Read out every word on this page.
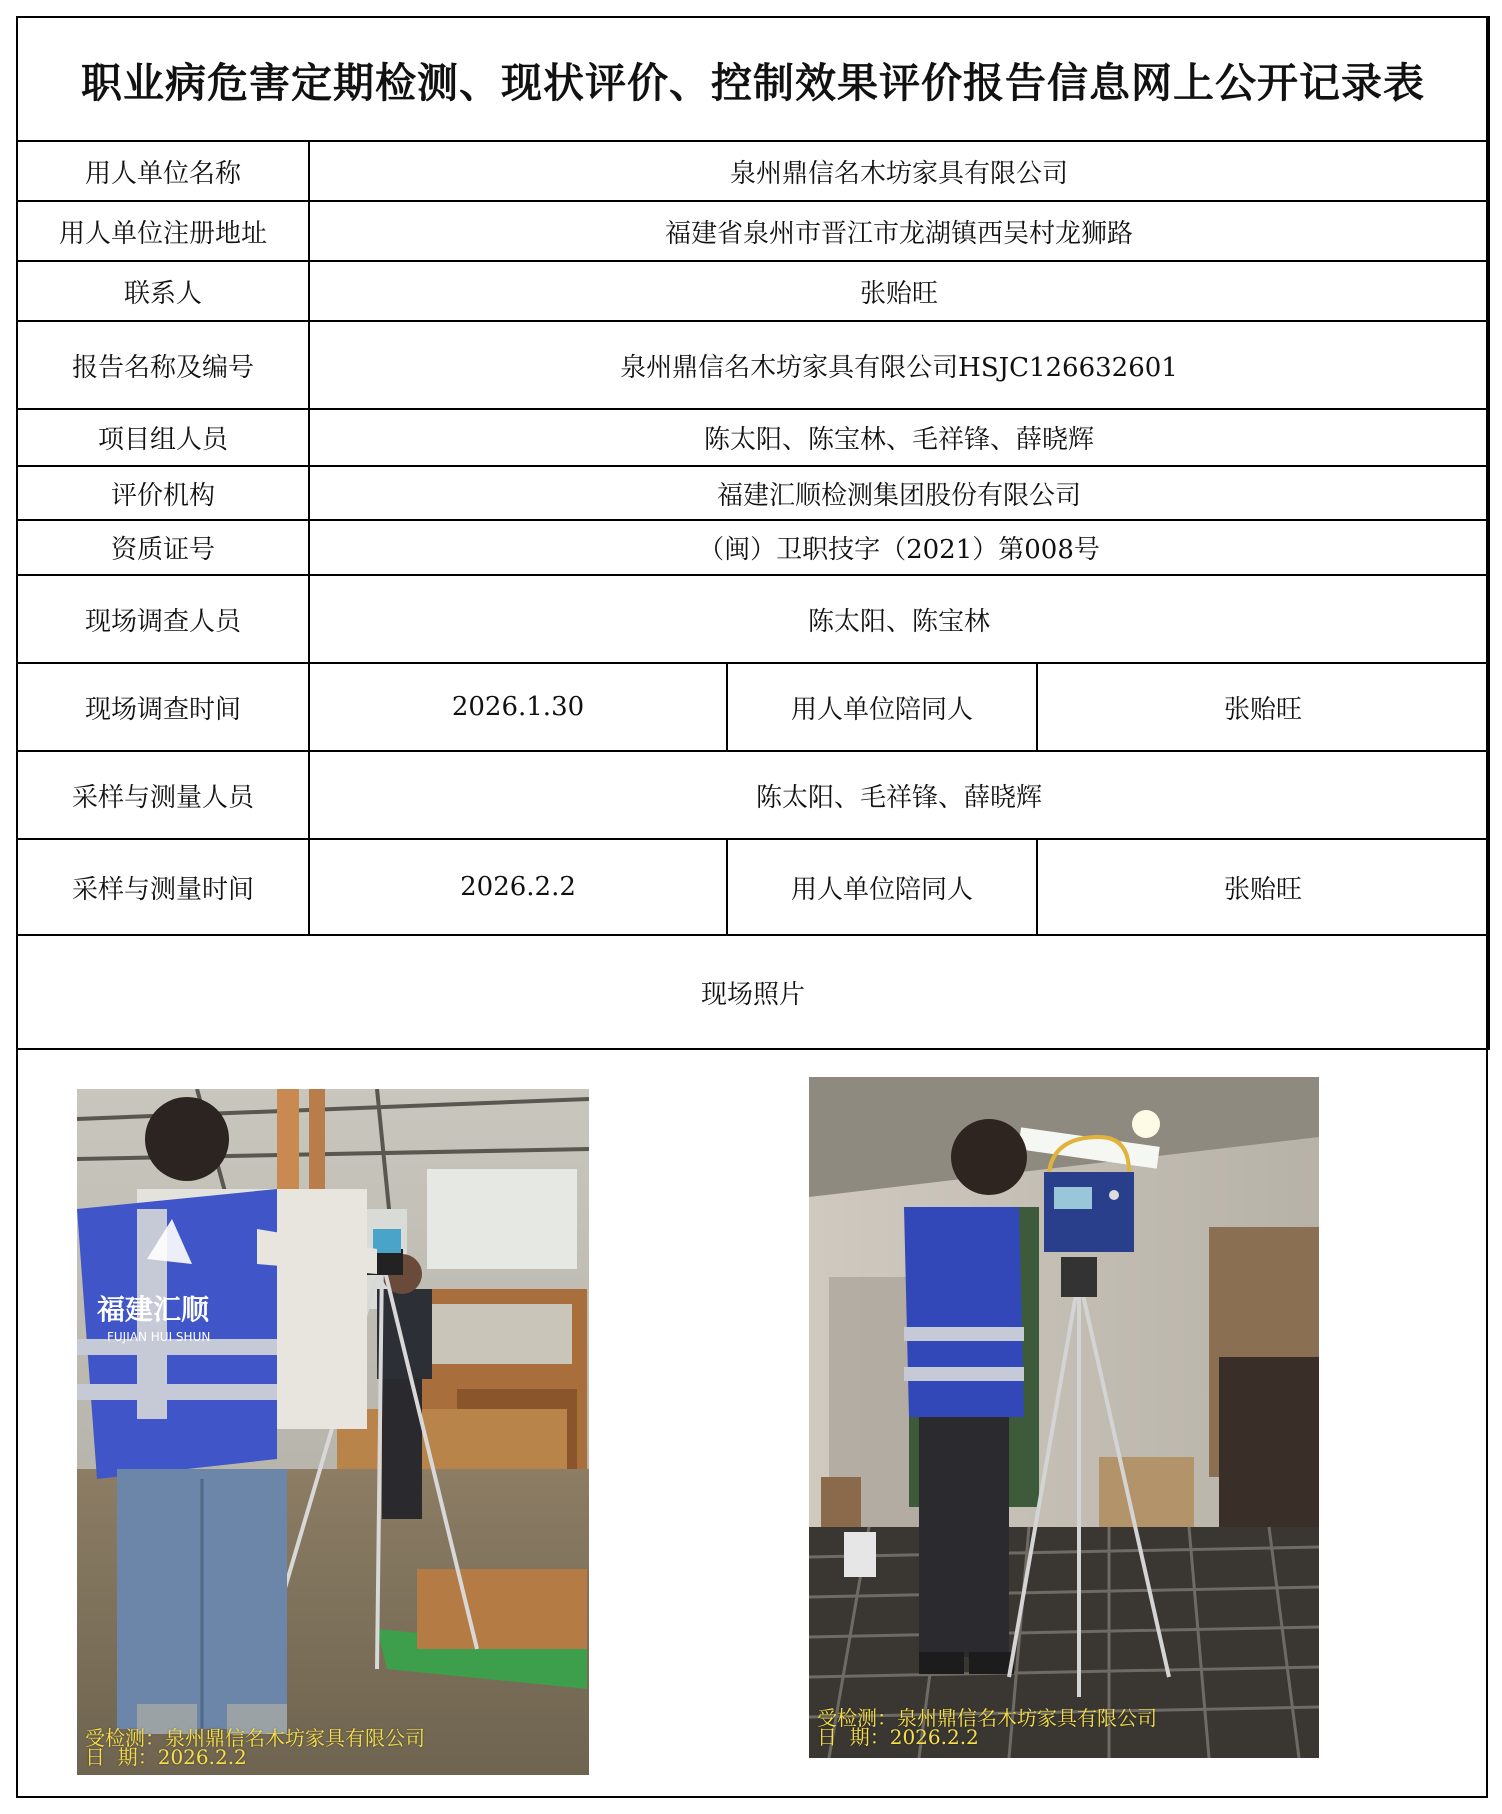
职业病危害定期检测、现状评价、控制效果评价报告信息网上公开记录表			
用人单位名称	泉州鼎信名木坊家具有限公司		
用人单位注册地址	福建省泉州市晋江市龙湖镇西吴村龙狮路		
联系人	张贻旺		
报告名称及编号	泉州鼎信名木坊家具有限公司HSJC126632601		
项目组人员	陈太阳、陈宝林、毛祥锋、薛晓辉		
评价机构	福建汇顺检测集团股份有限公司		
资质证号	（闽）卫职技字（2021）第008号		
现场调查人员	陈太阳、陈宝林		
现场调查时间	2026.1.30	用人单位陪同人	张贻旺
采样与测量人员	陈太阳、毛祥锋、薛晓辉		
采样与测量时间	2026.2.2	用人单位陪同人	张贻旺
现场照片			
福建汇顺
FUJIAN HUI SHUN
受检测：泉州鼎信名木坊家具有限公司
日  期：2026.2.2
受检测：泉州鼎信名木坊家具有限公司
日  期：2026.2.2
